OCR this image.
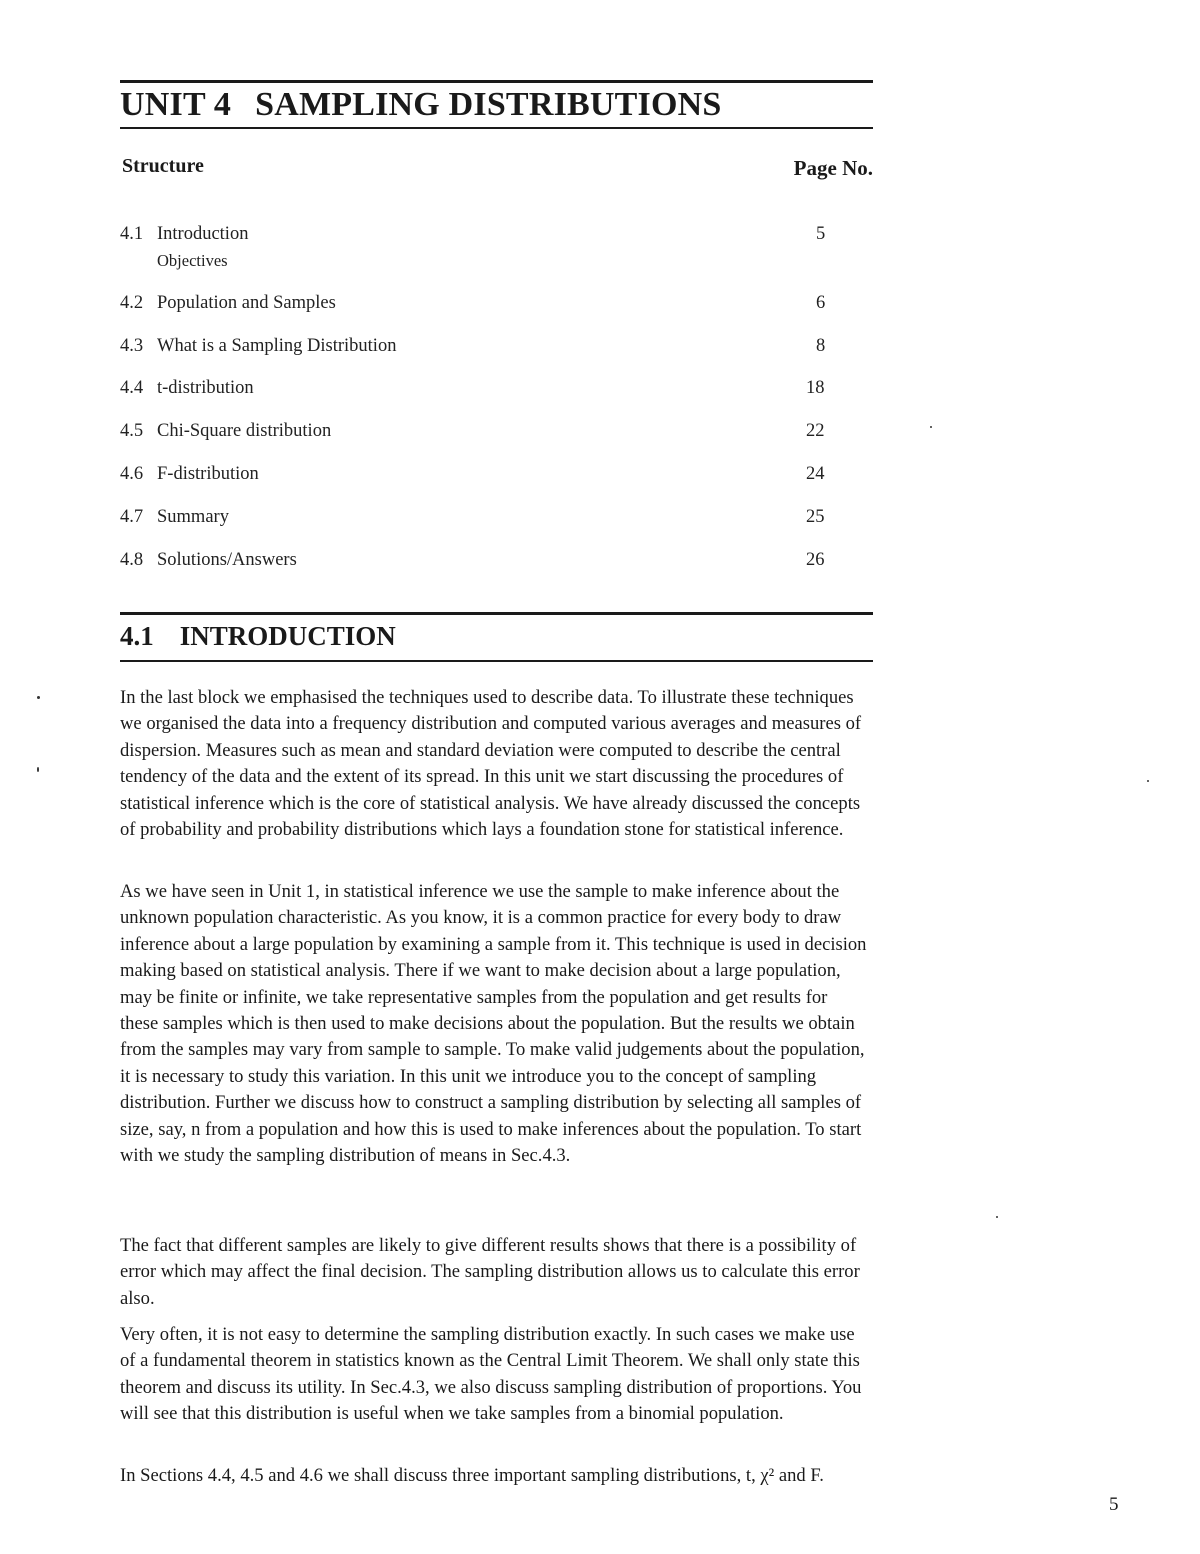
UNIT 4 SAMPLING DISTRIBUTIONS
Structure	Page No.
4.1 Introduction	5
Objectives
4.2 Population and Samples	6
4.3 What is a Sampling Distribution	8
4.4 t-distribution	18
4.5 Chi-Square distribution	22
4.6 F-distribution	24
4.7 Summary	25
4.8 Solutions/Answers	26
4.1 INTRODUCTION
In the last block we emphasised the techniques used to describe data. To illustrate these techniques we organised the data into a frequency distribution and computed various averages and measures of dispersion. Measures such as mean and standard deviation were computed to describe the central tendency of the data and the extent of its spread. In this unit we start discussing the procedures of statistical inference which is the core of statistical analysis. We have already discussed the concepts of probability and probability distributions which lays a foundation stone for statistical inference.
As we have seen in Unit 1, in statistical inference we use the sample to make inference about the unknown population characteristic. As you know, it is a common practice for every body to draw inference about a large population by examining a sample from it. This technique is used in decision making based on statistical analysis. There if we want to make decision about a large population, may be finite or infinite, we take representative samples from the population and get results for these samples which is then used to make decisions about the population. But the results we obtain from the samples may vary from sample to sample. To make valid judgements about the population, it is necessary to study this variation. In this unit we introduce you to the concept of sampling distribution. Further we discuss how to construct a sampling distribution by selecting all samples of size, say, n from a population and how this is used to make inferences about the population. To start with we study the sampling distribution of means in Sec.4.3.
The fact that different samples are likely to give different results shows that there is a possibility of error which may affect the final decision. The sampling distribution allows us to calculate this error also.
Very often, it is not easy to determine the sampling distribution exactly. In such cases we make use of a fundamental theorem in statistics known as the Central Limit Theorem. We shall only state this theorem and discuss its utility. In Sec.4.3, we also discuss sampling distribution of proportions. You will see that this distribution is useful when we take samples from a binomial population.
In Sections 4.4, 4.5 and 4.6 we shall discuss three important sampling distributions, t, χ² and F.
5
